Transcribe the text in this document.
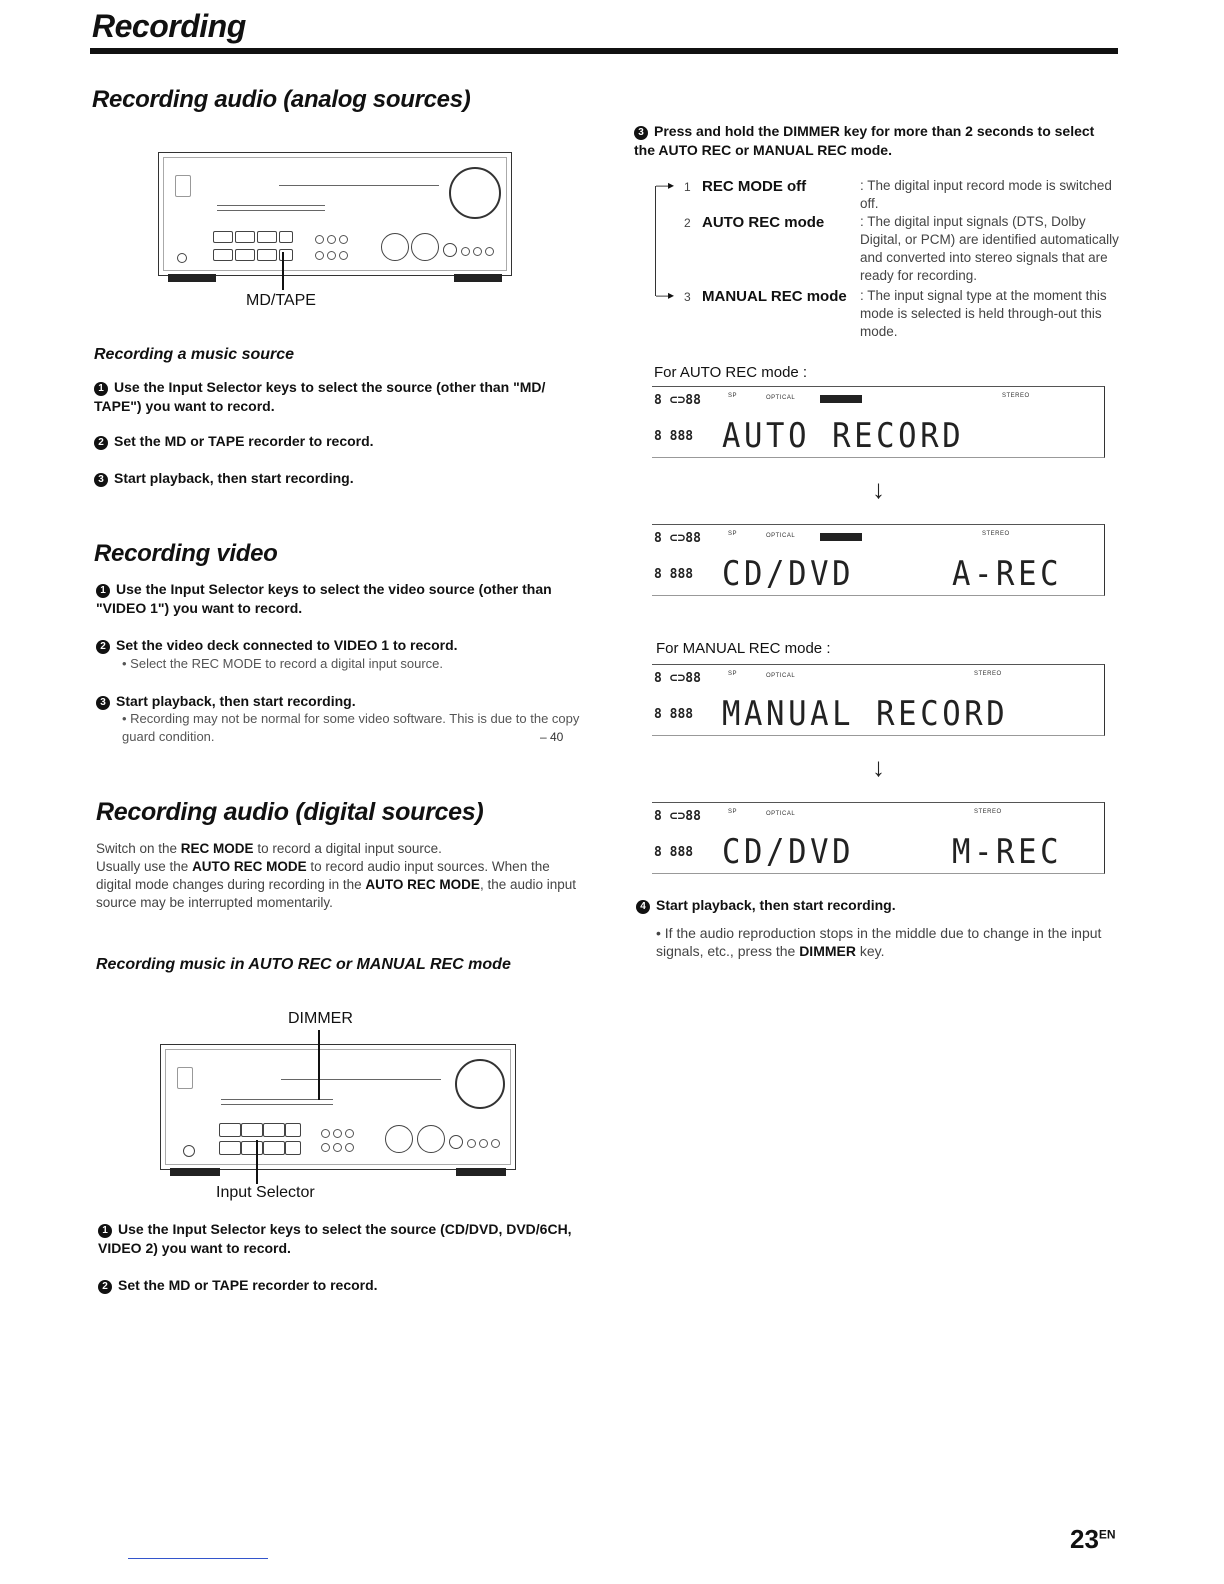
Recording
Recording audio (analog sources)
MD/TAPE
Recording a music source
1 Use the Input Selector keys to select the source (other than "MD/ TAPE") you want to record.
2 Set the MD or TAPE recorder to record.
3 Start playback, then start recording.
Recording video
1 Use the Input Selector keys to select the video source (other than "VIDEO 1") you want to record.
2 Set the video deck connected to VIDEO 1 to record.
• Select the REC MODE to record a digital input source.
3 Start playback, then start recording.
• Recording may not be normal for some video software. This is due to the copy guard condition.	– 40
Recording audio (digital sources)
Switch on the REC MODE to record a digital input source.
Usually use the AUTO REC MODE to record audio input sources. When the digital mode changes during recording in the AUTO REC MODE, the audio input source may be interrupted momentarily.
Recording music in AUTO REC or MANUAL REC mode
DIMMER
Input Selector
1 Use the Input Selector keys to select the source (CD/DVD, DVD/6CH, VIDEO 2) you want to record.
2 Set the MD or TAPE recorder to record.
3 Press and hold the DIMMER key for more than 2 seconds to select the AUTO REC or MANUAL REC mode.
—▸
—▸
1 REC MODE off	: The digital input record mode is switched off.
2 AUTO REC mode	: The digital input signals (DTS, Dolby Digital, or PCM) are identified automatically and converted into stereo signals that are ready for recording.
3 MANUAL REC mode : The input signal type at the moment this mode is selected is held through-out this mode.
For AUTO REC mode :
8 ⊂⊃88	SP	OPTICAL	STEREO
8 888 AUTO RECORD
↓
8 ⊂⊃88	SP	OPTICAL	STEREO
8 888 CD/DVD	A-REC
For MANUAL REC mode :
8 ⊂⊃88	SP	OPTICAL	STEREO
8 888 MANUAL RECORD
↓
8 ⊂⊃88	SP	OPTICAL	STEREO
8 888 CD/DVD	M-REC
4 Start playback, then start recording.
• If the audio reproduction stops in the middle due to change in the input signals, etc., press the DIMMER key.
$23^{EN}$
